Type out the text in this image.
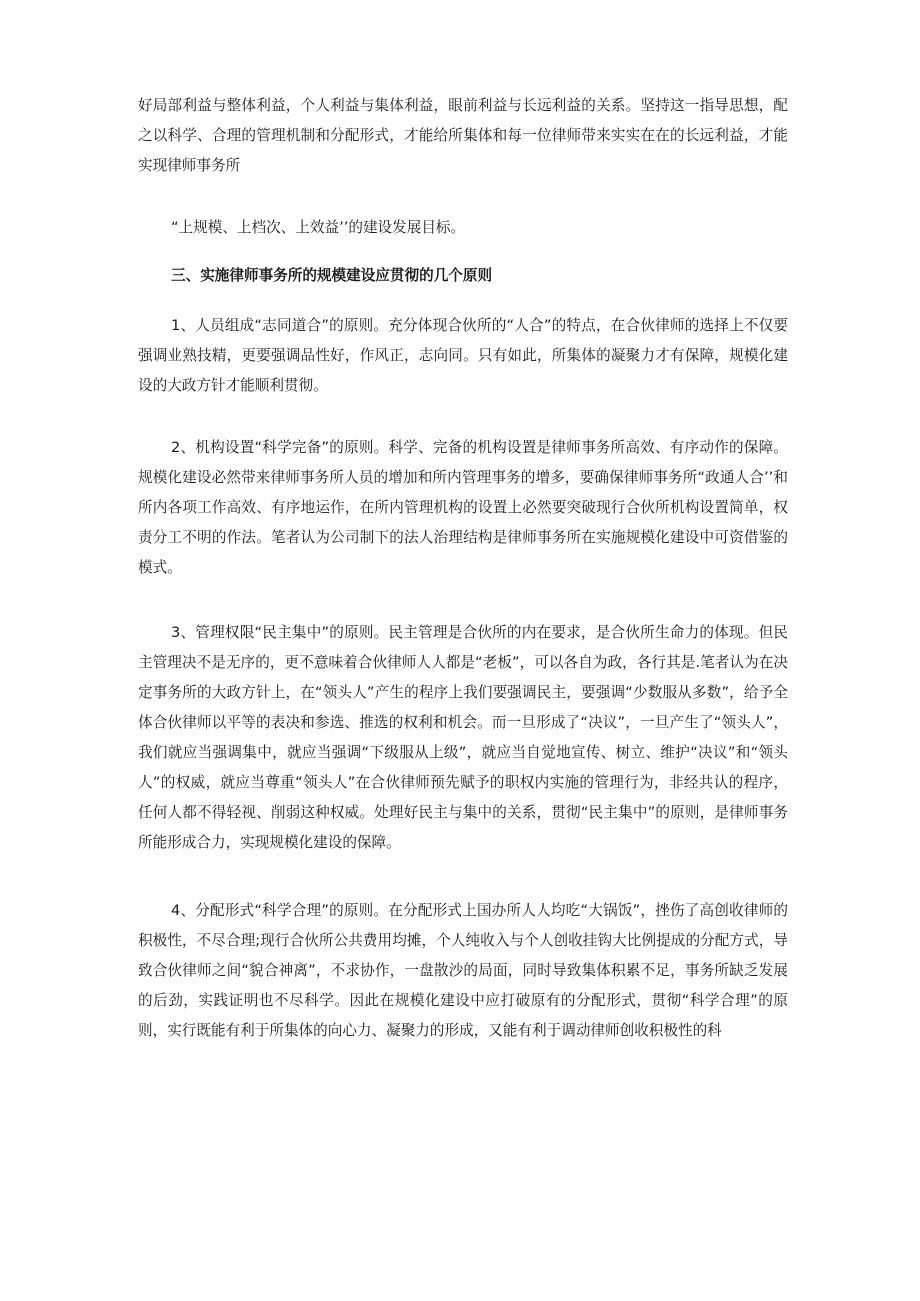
好局部利益与整体利益，个人利益与集体利益，眼前利益与长远利益的关系。坚持这一指导思想，配之以科学、合理的管理机制和分配形式，才能给所集体和每一位律师带来实实在在的长远利益，才能实现律师事务所

“上规模、上档次、上效益’’的建设发展目标。

三、实施律师事务所的规模建设应贯彻的几个原则

1、人员组成“志同道合”的原则。充分体现合伙所的“人合”的特点，在合伙律师的选择上不仅要强调业熟技精，更要强调品性好，作风正，志向同。只有如此，所集体的凝聚力才有保障，规模化建设的大政方针才能顺利贯彻。

2、机构设置“科学完备”的原则。科学、完备的机构设置是律师事务所高效、有序动作的保障。规模化建设必然带来律师事务所人员的增加和所内管理事务的增多，要确保律师事务所“政通人合’’和所内各项工作高效、有序地运作，在所内管理机构的设置上必然要突破现行合伙所机构设置简单，权责分工不明的作法。笔者认为公司制下的法人治理结构是律师事务所在实施规模化建设中可资借鉴的模式。

3、管理权限“民主集中”的原则。民主管理是合伙所的内在要求，是合伙所生命力的体现。但民主管理决不是无序的，更不意味着合伙律师人人都是“老板”，可以各自为政，各行其是.笔者认为在决定事务所的大政方针上，在“领头人”产生的程序上我们要强调民主，要强调“少数服从多数”，给予全体合伙律师以平等的表决和参选、推选的权利和机会。而一旦形成了“决议”，一旦产生了“领头人”，我们就应当强调集中，就应当强调“下级服从上级”，就应当自觉地宣传、树立、维护“决议”和“领头人”的权威，就应当尊重“领头人”在合伙律师预先赋予的职权内实施的管理行为，非经共认的程序，任何人都不得轻视、削弱这种权威。处理好民主与集中的关系，贯彻“民主集中”的原则，是律师事务所能形成合力，实现规模化建设的保障。

4、分配形式“科学合理”的原则。在分配形式上国办所人人均吃“大锅饭”，挫伤了高创收律师的积极性，不尽合理;现行合伙所公共费用均摊，个人纯收入与个人创收挂钩大比例提成的分配方式，导致合伙律师之间“貌合神离”，不求协作，一盘散沙的局面，同时导致集体积累不足，事务所缺乏发展的后劲，实践证明也不尽科学。因此在规模化建设中应打破原有的分配形式，贯彻“科学合理”的原则，实行既能有利于所集体的向心力、凝聚力的形成，又能有利于调动律师创收积极性的科
